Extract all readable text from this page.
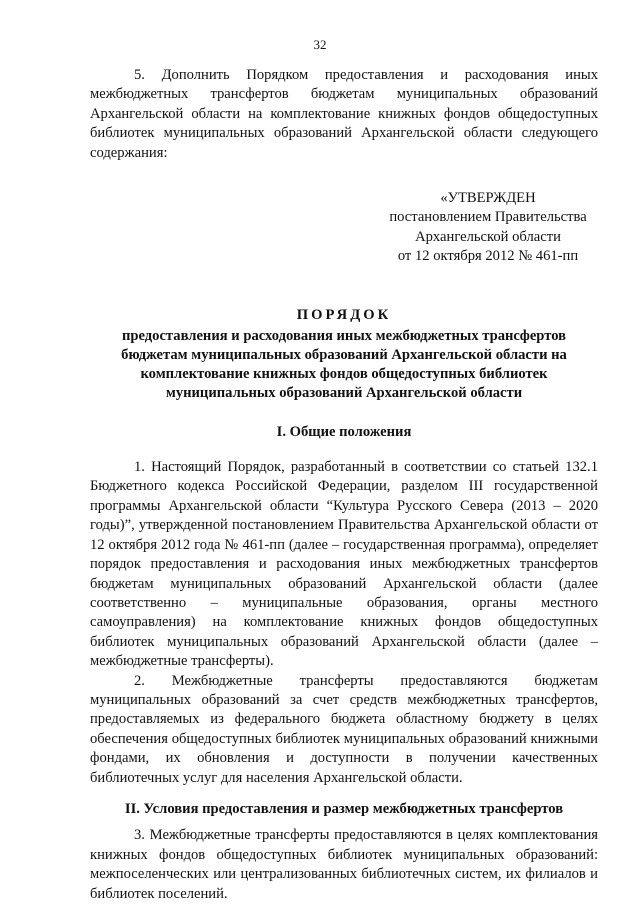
32

5. Дополнить Порядком предоставления и расходования иных межбюджетных трансфертов бюджетам муниципальных образований Архангельской области на комплектование книжных фондов общедоступных библиотек муниципальных образований Архангельской области следующего содержания:

«УТВЕРЖДЕН
постановлением Правительства
Архангельской области
от 12 октября 2012 № 461-пп
ПОРЯДОК
предоставления и расходования иных межбюджетных трансфертов бюджетам муниципальных образований Архангельской области на комплектование книжных фондов общедоступных библиотек муниципальных образований Архангельской области
I. Общие положения

1. Настоящий Порядок, разработанный в соответствии со статьей 132.1 Бюджетного кодекса Российской Федерации, разделом III государственной программы Архангельской области “Культура Русского Севера (2013 – 2020 годы)”, утвержденной постановлением Правительства Архангельской области от 12 октября 2012 года № 461-пп (далее – государственная программа), определяет порядок предоставления и расходования иных межбюджетных трансфертов бюджетам муниципальных образований Архангельской области (далее соответственно – муниципальные образования, органы местного самоуправления) на комплектование книжных фондов общедоступных библиотек муниципальных образований Архангельской области (далее – межбюджетные трансферты).

2. Межбюджетные трансферты предоставляются бюджетам муниципальных образований за счет средств межбюджетных трансфертов, предоставляемых из федерального бюджета областному бюджету в целях обеспечения общедоступных библиотек муниципальных образований книжными фондами, их обновления и доступности в получении качественных библиотечных услуг для населения Архангельской области.

II. Условия предоставления и размер межбюджетных трансфертов

3. Межбюджетные трансферты предоставляются в целях комплектования книжных фондов общедоступных библиотек муниципальных образований: межпоселенческих или централизованных библиотечных систем, их филиалов и библиотек поселений.
